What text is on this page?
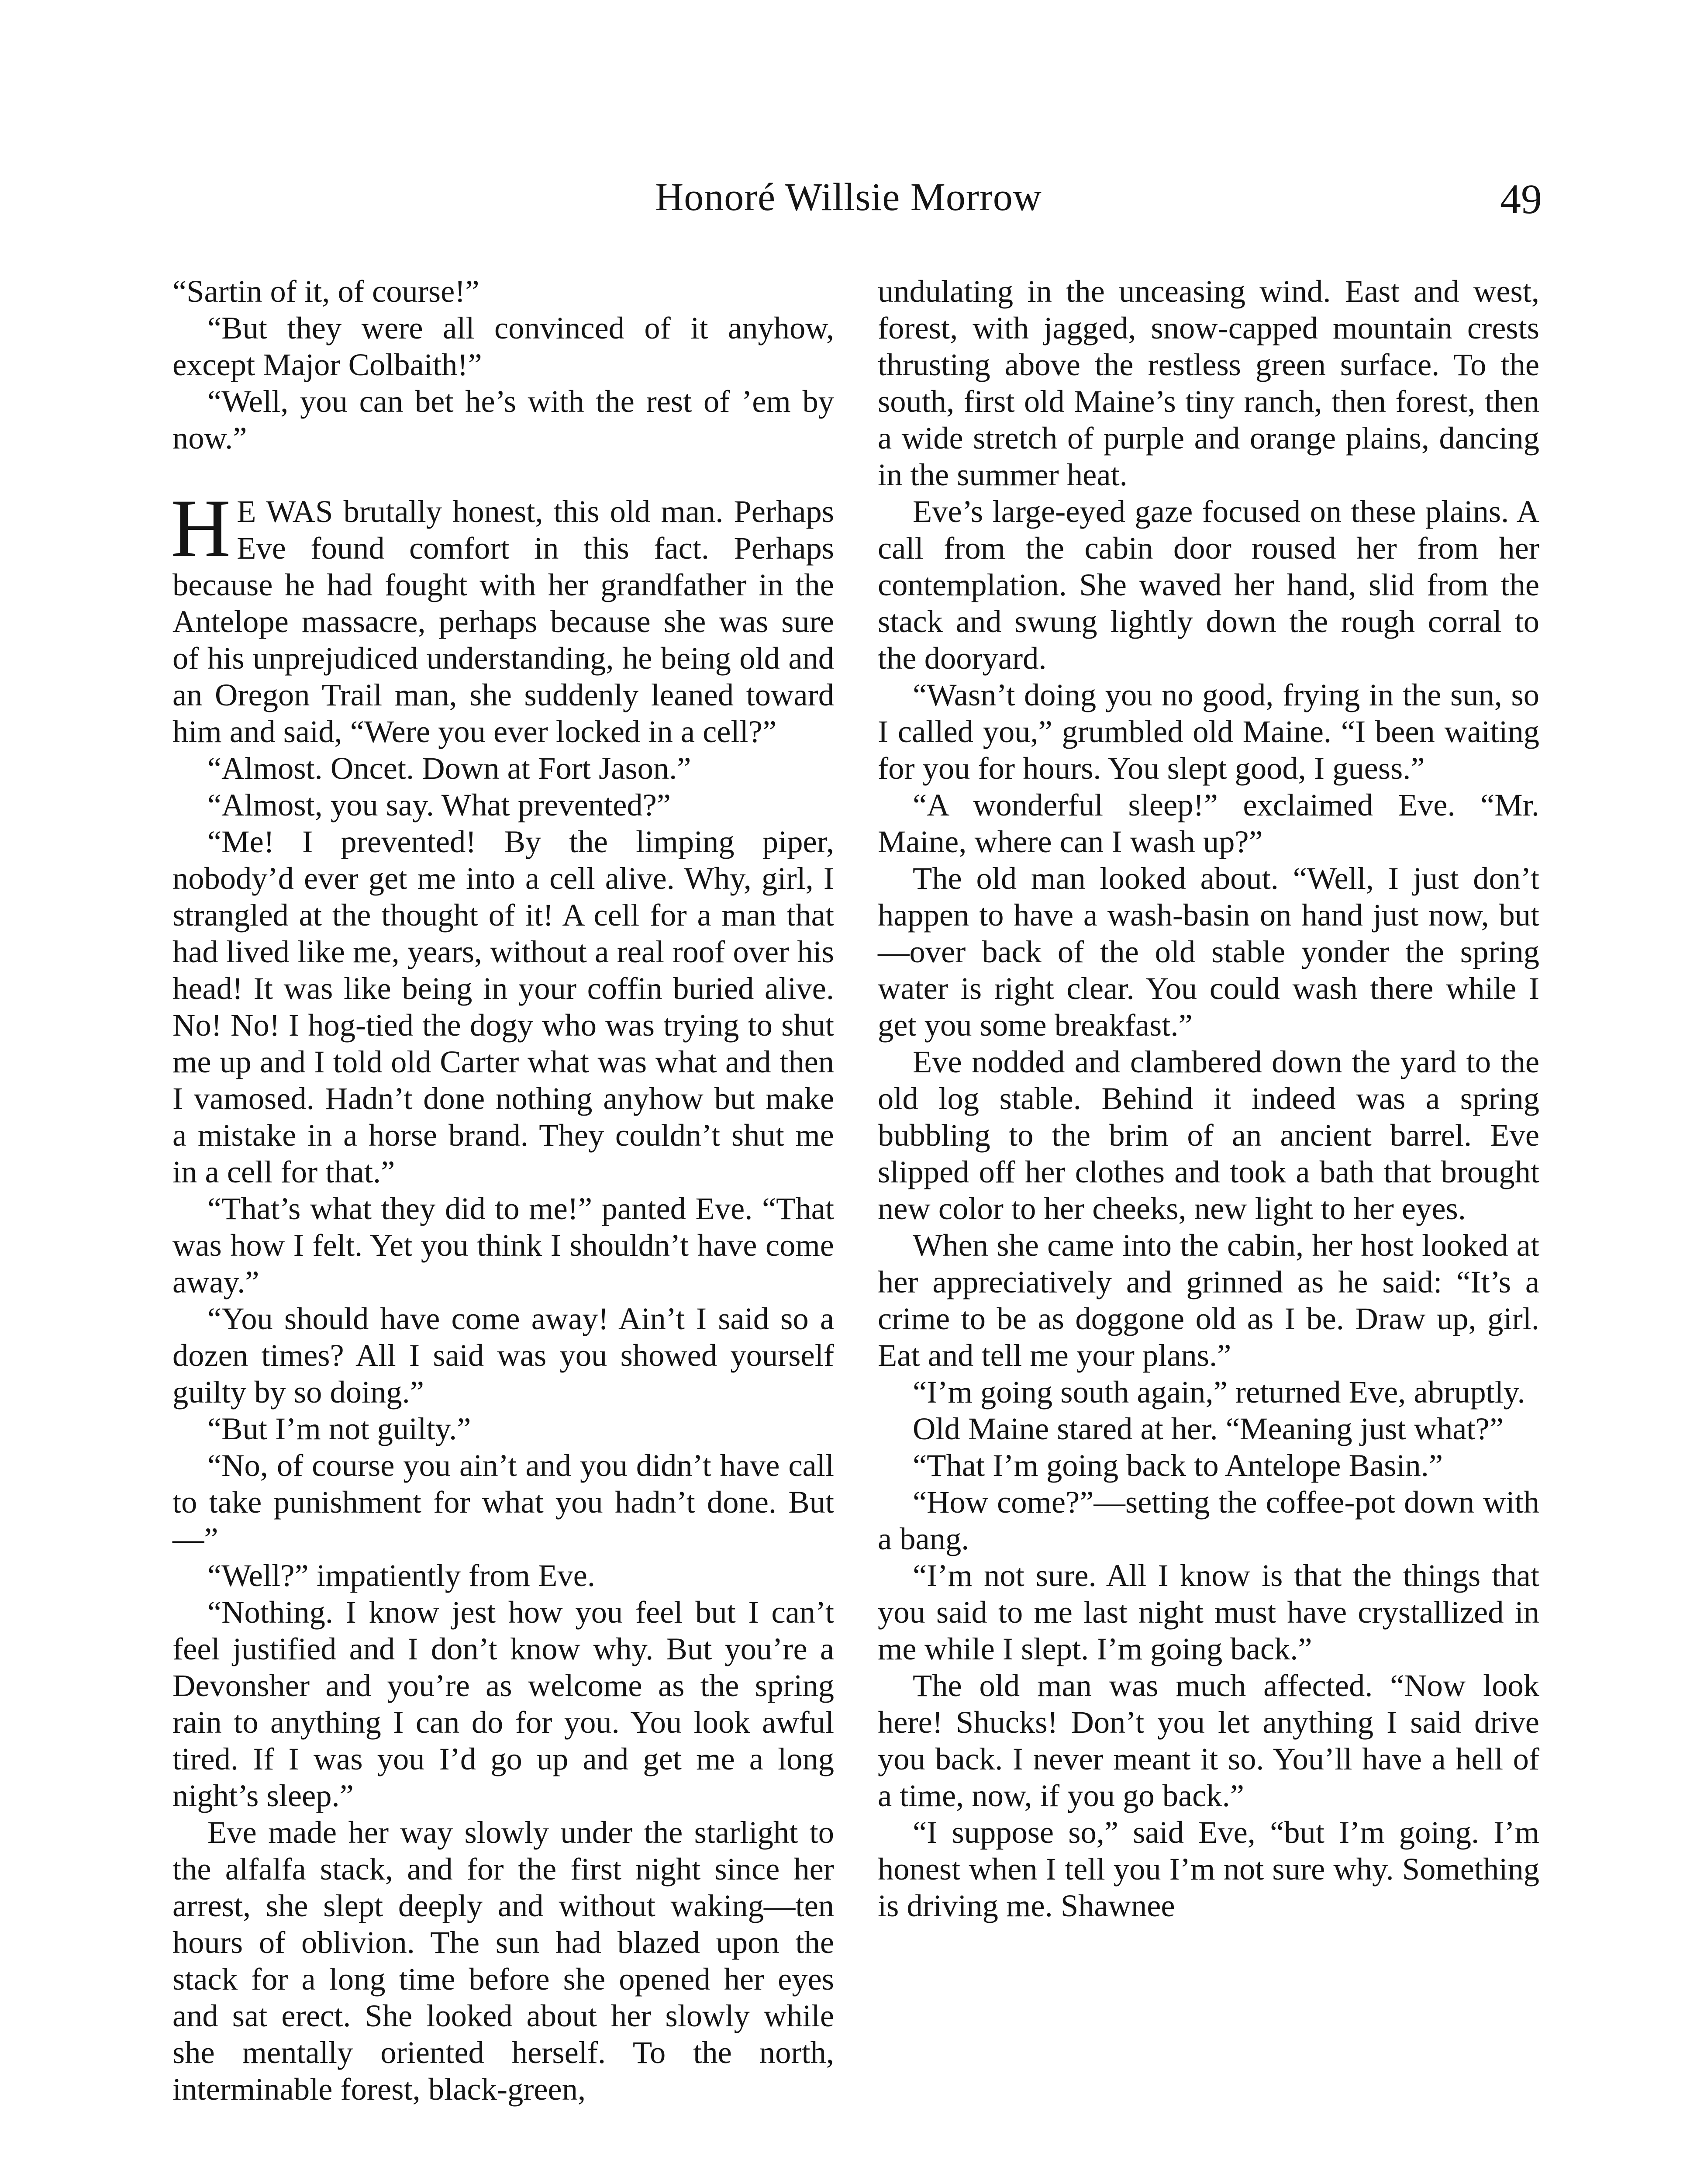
Honoré Willsie Morrow	49

“Sartin of it, of course!”

“But they were all convinced of it anyhow, except Major Colbaith!”

“Well, you can bet he’s with the rest of ’em by now.”

H E WAS brutally honest, this old man. Perhaps Eve found comfort in this fact. Perhaps because he had fought with her grandfather in the Antelope massacre, perhaps because she was sure of his unprejudiced understanding, he being old and an Oregon Trail man, she suddenly leaned toward him and said, “Were you ever locked in a cell?”

“Almost. Oncet. Down at Fort Jason.”

“Almost, you say. What prevented?”

“Me! I prevented! By the limping piper, nobody’d ever get me into a cell alive. Why, girl, I strangled at the thought of it! A cell for a man that had lived like me, years, without a real roof over his head! It was like being in your coffin buried alive. No! No! I hog-tied the dogy who was trying to shut me up and I told old Carter what was what and then I vamosed. Hadn’t done nothing anyhow but make a mistake in a horse brand. They couldn’t shut me in a cell for that.”

“That’s what they did to me!” panted Eve. “That was how I felt. Yet you think I shouldn’t have come away.”

“You should have come away! Ain’t I said so a dozen times? All I said was you showed yourself guilty by so doing.”

“But I’m not guilty.”

“No, of course you ain’t and you didn’t have call to take punishment for what you hadn’t done. But—”

“Well?” impatiently from Eve.

“Nothing. I know jest how you feel but I can’t feel justified and I don’t know why. But you’re a Devonsher and you’re as welcome as the spring rain to anything I can do for you. You look awful tired. If I was you I’d go up and get me a long night’s sleep.”

Eve made her way slowly under the starlight to the alfalfa stack, and for the first night since her arrest, she slept deeply and without waking—ten hours of oblivion. The sun had blazed upon the stack for a long time before she opened her eyes and sat erect. She looked about her slowly while she mentally oriented herself. To the north, interminable forest, black-green,

undulating in the unceasing wind. East and west, forest, with jagged, snow-capped mountain crests thrusting above the restless green surface. To the south, first old Maine’s tiny ranch, then forest, then a wide stretch of purple and orange plains, dancing in the summer heat.

Eve’s large-eyed gaze focused on these plains. A call from the cabin door roused her from her contemplation. She waved her hand, slid from the stack and swung lightly down the rough corral to the dooryard.

“Wasn’t doing you no good, frying in the sun, so I called you,” grumbled old Maine. “I been waiting for you for hours. You slept good, I guess.”

“A wonderful sleep!” exclaimed Eve. “Mr. Maine, where can I wash up?”

The old man looked about. “Well, I just don’t happen to have a wash-basin on hand just now, but—over back of the old stable yonder the spring water is right clear. You could wash there while I get you some breakfast.”

Eve nodded and clambered down the yard to the old log stable. Behind it indeed was a spring bubbling to the brim of an ancient barrel. Eve slipped off her clothes and took a bath that brought new color to her cheeks, new light to her eyes.

When she came into the cabin, her host looked at her appreciatively and grinned as he said: “It’s a crime to be as doggone old as I be. Draw up, girl. Eat and tell me your plans.”

“I’m going south again,” returned Eve, abruptly.

Old Maine stared at her. “Meaning just what?”

“That I’m going back to Antelope Basin.”

“How come?”—setting the coffee-pot down with a bang.

“I’m not sure. All I know is that the things that you said to me last night must have crystallized in me while I slept. I’m going back.”

The old man was much affected. “Now look here! Shucks! Don’t you let anything I said drive you back. I never meant it so. You’ll have a hell of a time, now, if you go back.”

“I suppose so,” said Eve, “but I’m going. I’m honest when I tell you I’m not sure why. Something is driving me. Shawnee
